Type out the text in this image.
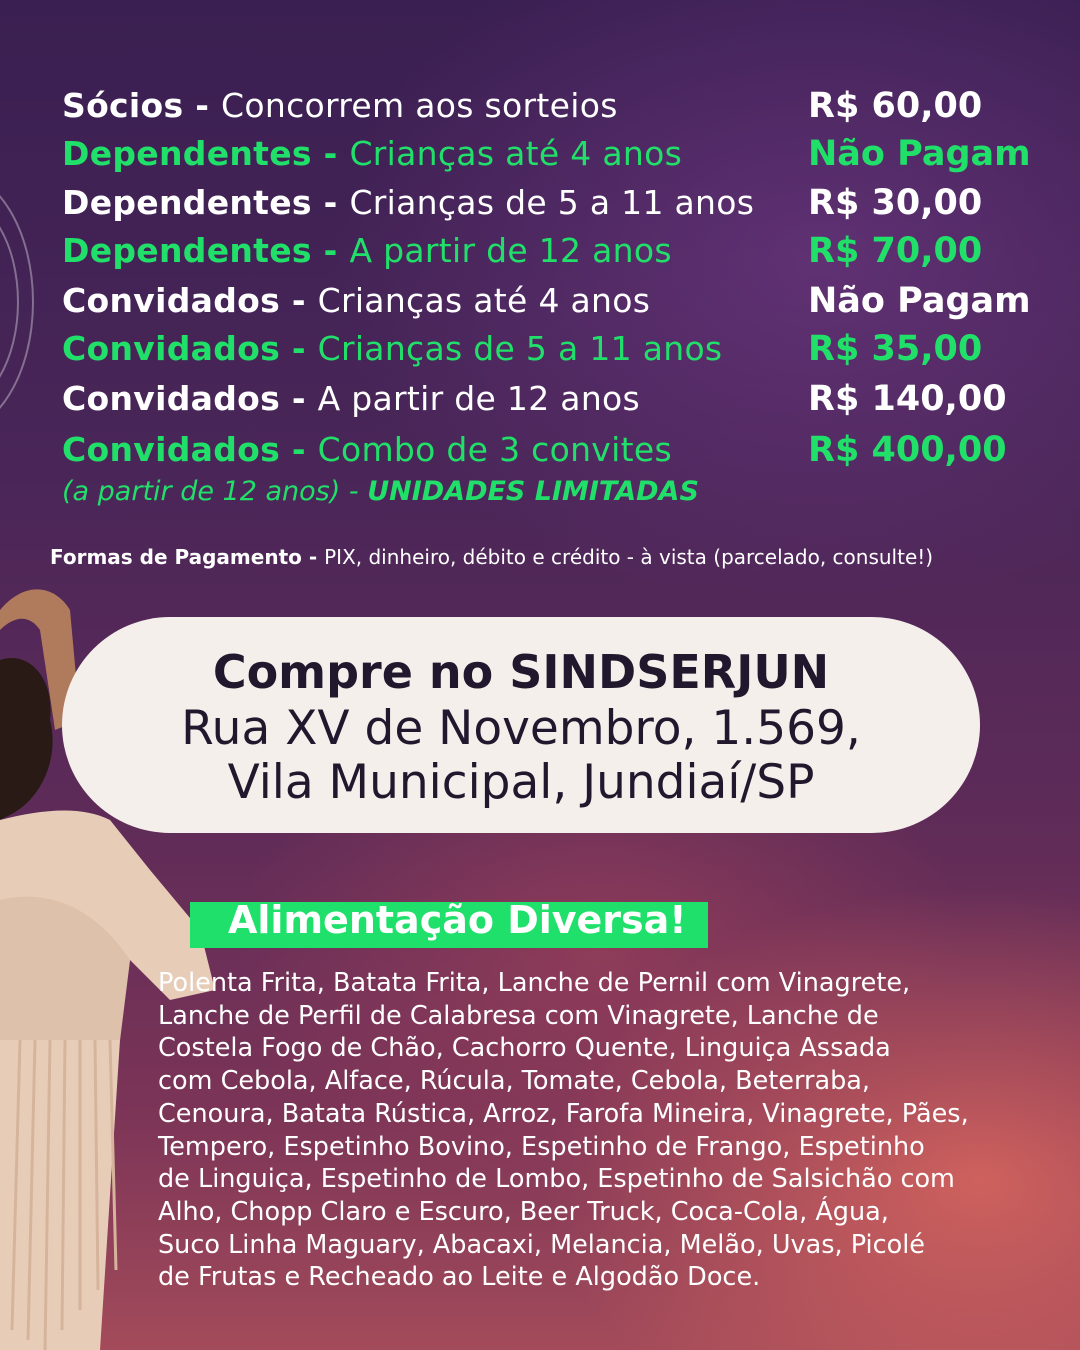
Sócios - Concorrem aos sorteios	R$ 60,00
Dependentes - Crianças até 4 anos	Não Pagam
Dependentes - Crianças de 5 a 11 anos R$ 30,00
Dependentes - A partir de 12 anos	R$ 70,00
Convidados - Crianças até 4 anos	Não Pagam
Convidados - Crianças de 5 a 11 anos R$ 35,00
Convidados - A partir de 12 anos	R$ 140,00
Convidados - Combo de 3 convites	R$ 400,00
(a partir de 12 anos) - UNIDADES LIMITADAS
Formas de Pagamento - PIX, dinheiro, débito e crédito - à vista (parcelado, consulte!)
Compre no SINDSERJUN
Rua XV de Novembro, 1.569,
Vila Municipal, Jundiaí/SP
Alimentação Diversa!
Polenta Frita, Batata Frita, Lanche de Pernil com Vinagrete,
Lanche de Perfil de Calabresa com Vinagrete, Lanche de
Costela Fogo de Chão, Cachorro Quente, Linguiça Assada
com Cebola, Alface, Rúcula, Tomate, Cebola, Beterraba,
Cenoura, Batata Rústica, Arroz, Farofa Mineira, Vinagrete, Pães,
Tempero, Espetinho Bovino, Espetinho de Frango, Espetinho
de Linguiça, Espetinho de Lombo, Espetinho de Salsichão com
Alho, Chopp Claro e Escuro, Beer Truck, Coca-Cola, Água,
Suco Linha Maguary, Abacaxi, Melancia, Melão, Uvas, Picolé
de Frutas e Recheado ao Leite e Algodão Doce.
